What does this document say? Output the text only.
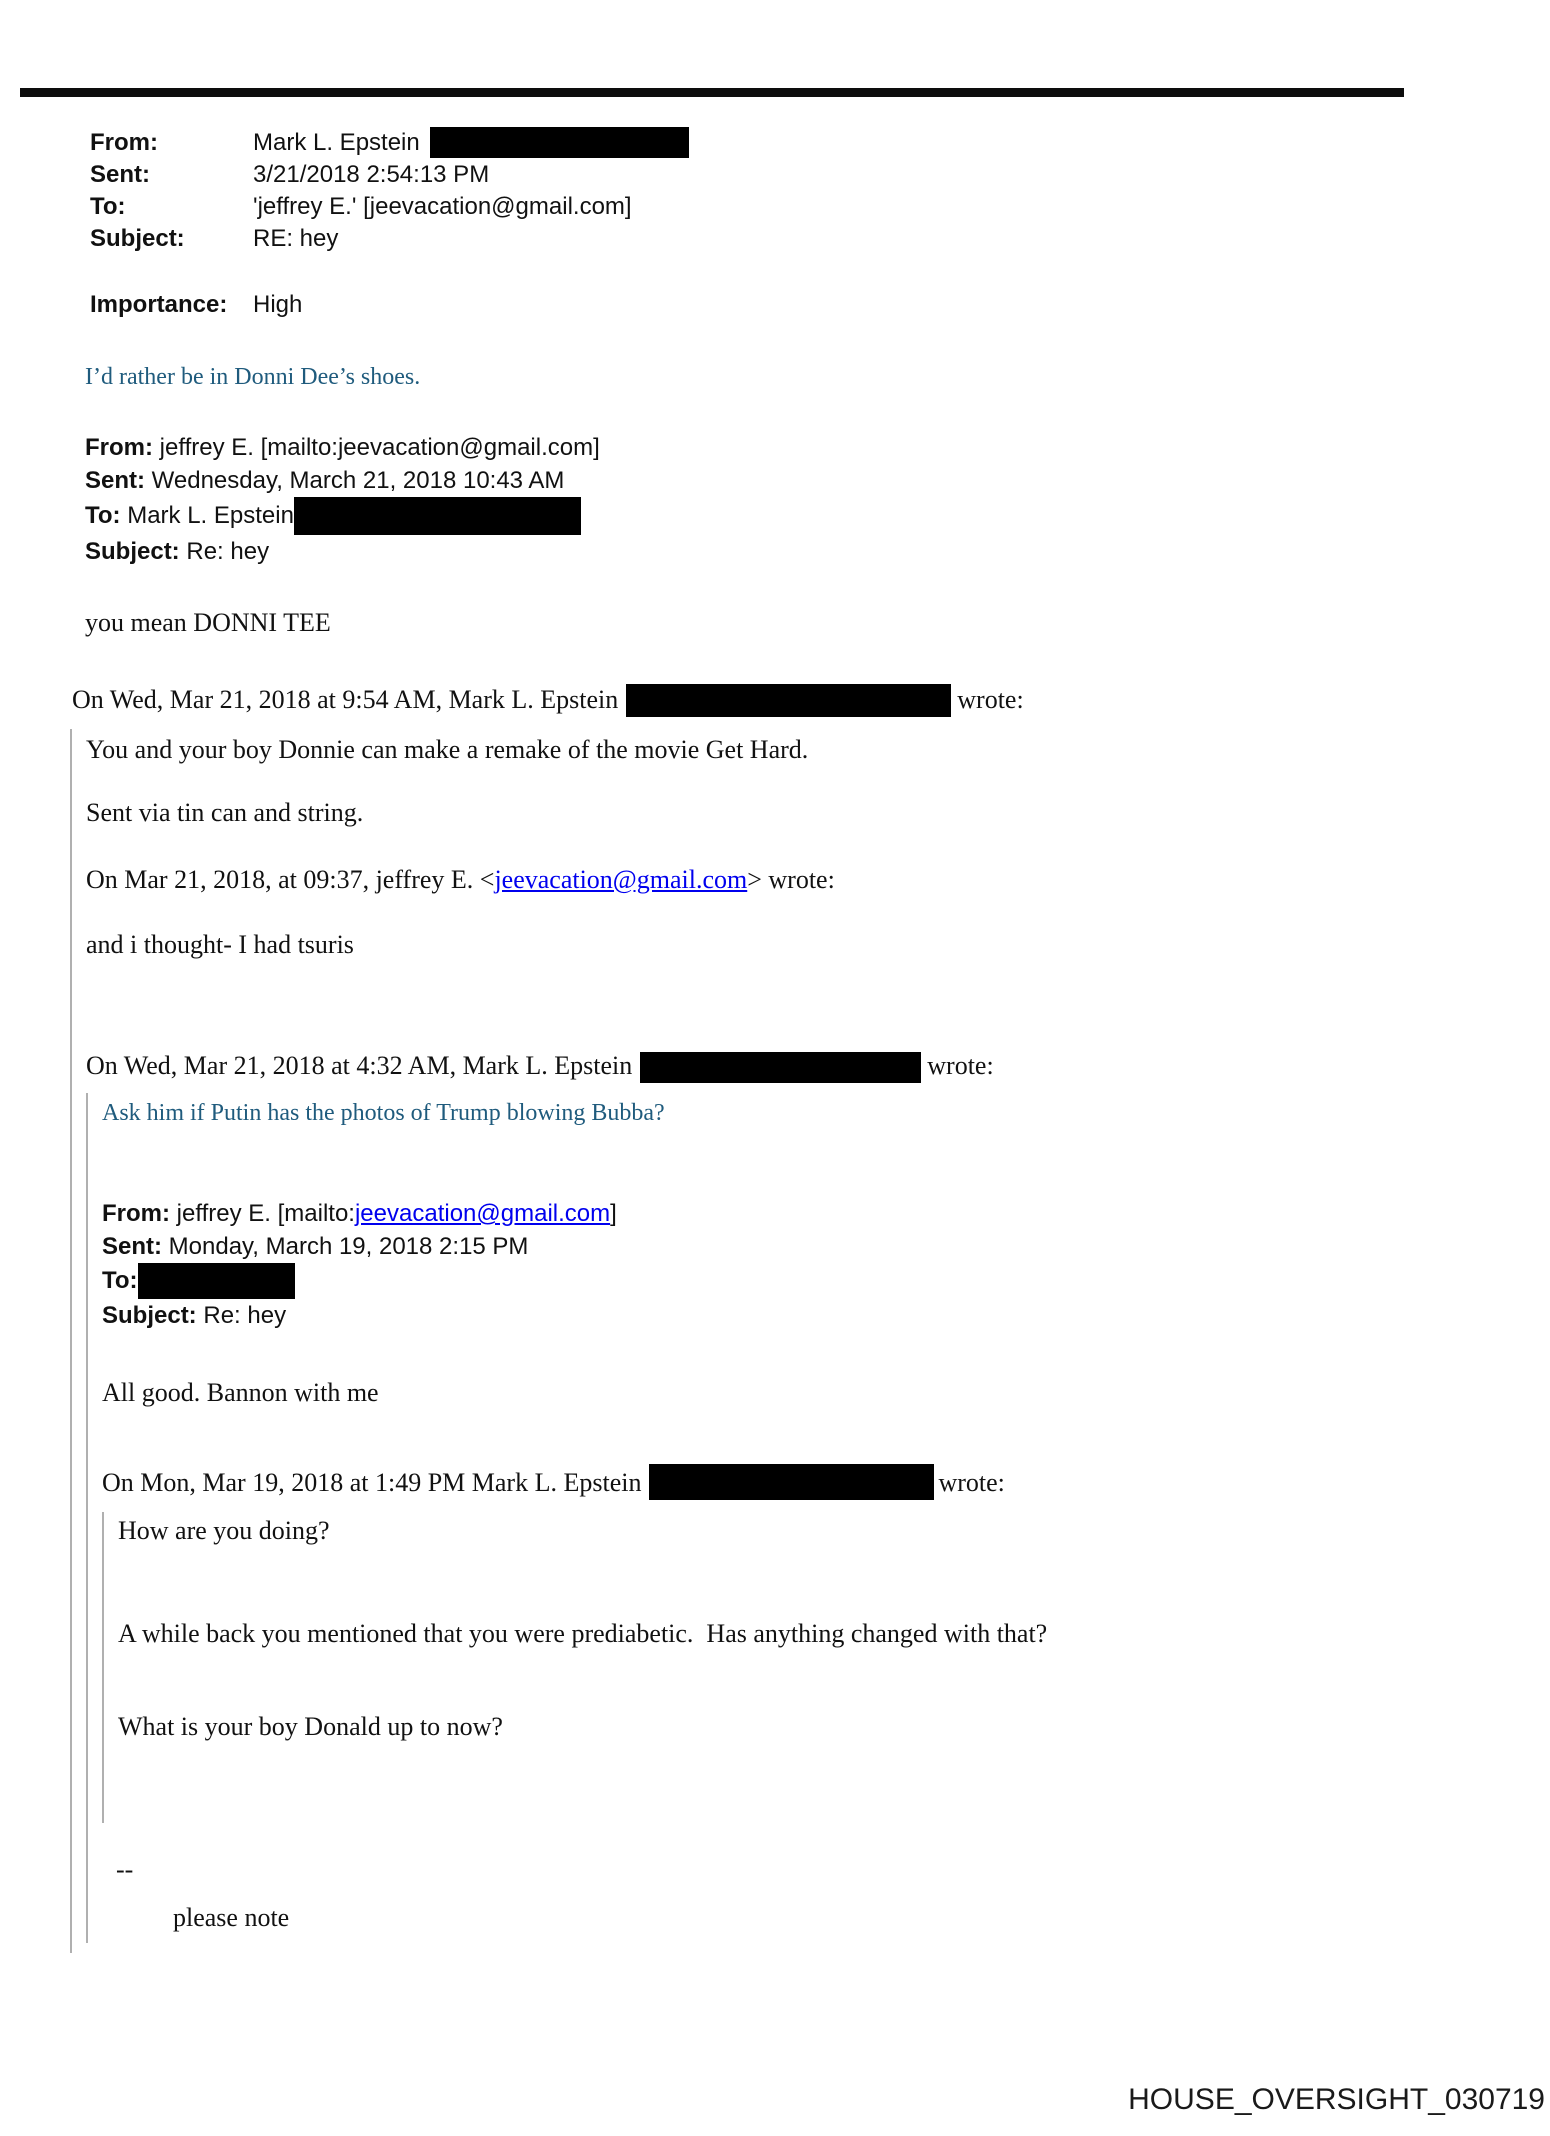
From:	Mark L. Epstein
Sent:	3/21/2018 2:54:13 PM
To:	'jeffrey E.' [jeevacation@gmail.com]
Subject:	RE: hey
Importance:	High

I’d rather be in Donni Dee’s shoes.

From: jeffrey E. [mailto:jeevacation@gmail.com]

Sent: Wednesday, March 21, 2018 10:43 AM

To: Mark L. Epstein

Subject: Re: hey

you mean DONNI TEE

On Wed, Mar 21, 2018 at 9:54 AM, Mark L. Epstein	wrote:

You and your boy Donnie can make a remake of the movie Get Hard.

Sent via tin can and string.

On Mar 21, 2018, at 09:37, jeffrey E. <jeevacation@gmail.com> wrote:

and i thought- I had tsuris

On Wed, Mar 21, 2018 at 4:32 AM, Mark L. Epstein	wrote:

Ask him if Putin has the photos of Trump blowing Bubba?

From: jeffrey E. [mailto:jeevacation@gmail.com]

Sent: Monday, March 19, 2018 2:15 PM

To:

Subject: Re: hey

All good. Bannon with me

On Mon, Mar 19, 2018 at 1:49 PM Mark L. Epstein	wrote:

How are you doing?

A while back you mentioned that you were prediabetic.  Has anything changed with that?

What is your boy Donald up to now?

--

please note

HOUSE_OVERSIGHT_030719
